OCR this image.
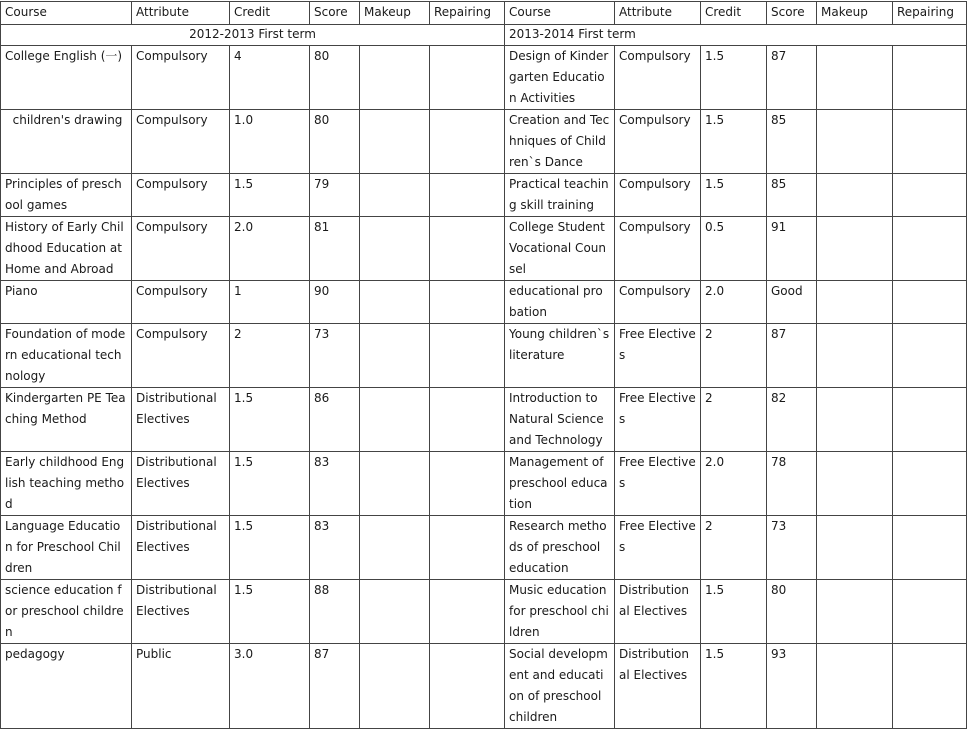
Course	Attribute	Credit	Score	Makeup	Repairing	Course	Attribute	Credit	Score	Makeup	Repairing
2012-2013 First term						2013-2014 First term					
College English (一)	Compulsory	4	80			Design of Kindergarten Education Activities	Compulsory	1.5	87		
children's drawing	Compulsory	1.0	80			Creation and Techniques of Children`s Dance	Compulsory	1.5	85		
Principles of preschool games	Compulsory	1.5	79			Practical teaching skill training	Compulsory	1.5	85		
History of Early Childhood Education at Home and Abroad	Compulsory	2.0	81			College Student Vocational Counsel	Compulsory	0.5	91		
Piano	Compulsory	1	90			educational probation	Compulsory	2.0	Good		
Foundation of modern educational technology	Compulsory	2	73			Young children`s literature	Free Electives	2	87		
Kindergarten PE Teaching Method	Distributional Electives	1.5	86			Introduction to Natural Science and Technology	Free Electives	2	82		
Early childhood English teaching method	Distributional Electives	1.5	83			Management of preschool education	Free Electives	2.0	78		
Language Education for Preschool Children	Distributional Electives	1.5	83			Research methods of preschool education	Free Electives	2	73		
science education for preschool children	Distributional Electives	1.5	88			Music education for preschool children	Distributional Electives	1.5	80		
pedagogy	Public	3.0	87			Social development and education of preschool children	Distributional Electives	1.5	93		
